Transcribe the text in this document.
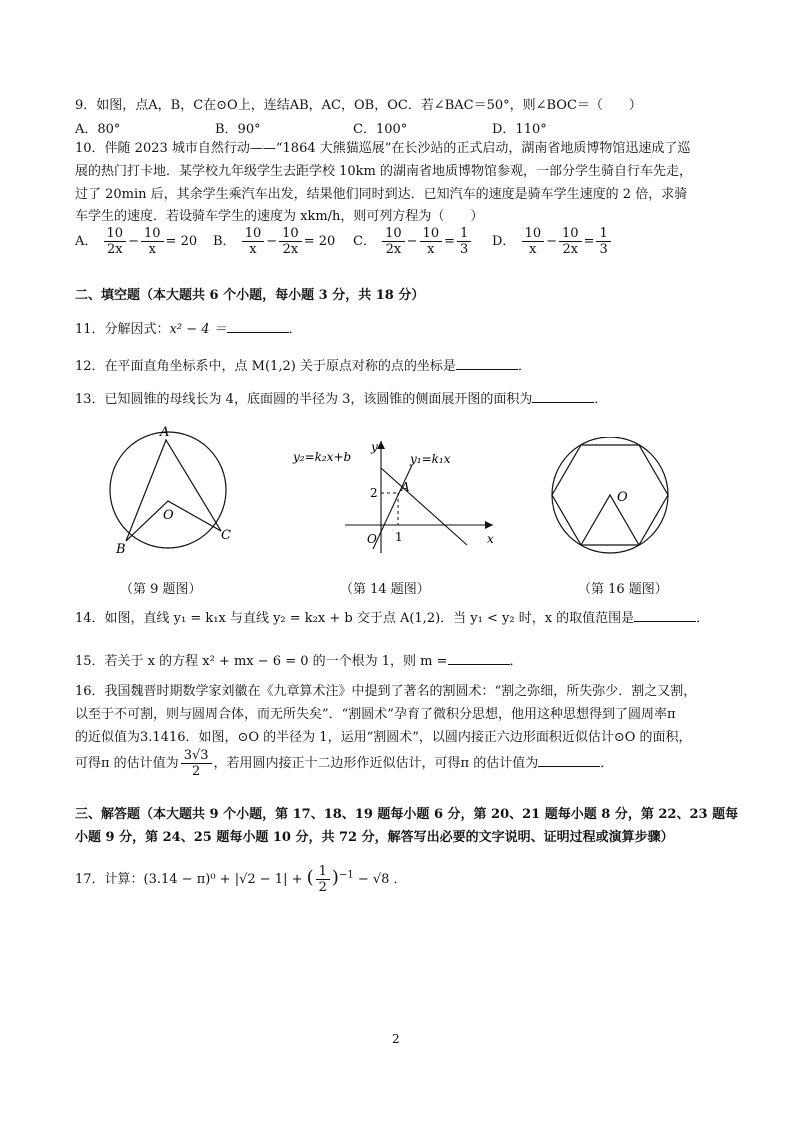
9．如图，点A，B，C在⊙O上，连结AB，AC，OB，OC．若∠BAC＝50°，则∠BOC＝（　　）
A．80°	B．90°	C．100°	D．110°
10．伴随 2023 城市自然行动——“1864 大熊猫巡展”在长沙站的正式启动，湖南省地质博物馆迅速成了巡
展的热门打卡地．某学校九年级学生去距学校 10km 的湖南省地质博物馆参观，一部分学生骑自行车先走，
过了 20min 后，其余学生乘汽车出发，结果他们同时到达．已知汽车的速度是骑车学生速度的 2 倍，求骑
车学生的速度．若设骑车学生的速度为 xkm/h，则可列方程为（　　）
A． $\frac{10}{2x} - \frac{10}{x} = 20$ B． $\frac{10}{x} - \frac{10}{2x} = 20$ C． $\frac{10}{2x} - \frac{10}{x} = \frac{1}{3}$ D． $\frac{10}{x} - \frac{10}{2x} = \frac{1}{3}$
二、填空题（本大题共 6 个小题，每小题 3 分，共 18 分）
11．分解因式：x² − 4 ＝	．
12．在平面直角坐标系中，点 M(1,2) 关于原点对称的点的坐标是	．
13．已知圆锥的母线长为 4，底面圆的半径为 3，该圆锥的侧面展开图的面积为	．
A
B
C
O
（第 9 题图）
y₂=k₂x+b	y₁=k₁x
A
y
x
O
2
1
（第 14 题图）
O
（第 16 题图）
14．如图，直线 y₁ = k₁x 与直线 y₂ = k₂x + b 交于点 A(1,2)．当 y₁ < y₂ 时，x 的取值范围是	．
15．若关于 x 的方程 x² + mx − 6 = 0 的一个根为 1，则 m =	．
16．我国魏晋时期数学家刘徽在《九章算术注》中提到了著名的割圆术：“割之弥细，所失弥少．割之又割，
以至于不可割，则与圆周合体，而无所失矣”．“割圆术”孕育了微积分思想，他用这种思想得到了圆周率π
的近似值为3.1416．如图，⊙O 的半径为 1，运用“割圆术”，以圆内接正六边形面积近似估计⊙O 的面积，
可得π 的估计值为 $\frac{3√3}{2}$ ，若用圆内接正十二边形作近似估计，可得π 的估计值为	．
三、解答题（本大题共 9 个小题，第 17、18、19 题每小题 6 分，第 20、21 题每小题 8 分，第 22、23 题每
小题 9 分，第 24、25 题每小题 10 分，共 72 分，解答写出必要的文字说明、证明过程或演算步骤）
17．计算：(3.14 − π)⁰ + |√2 − 1| + ( $\frac{1}{2} )^{-1} - √8$ ．
2
